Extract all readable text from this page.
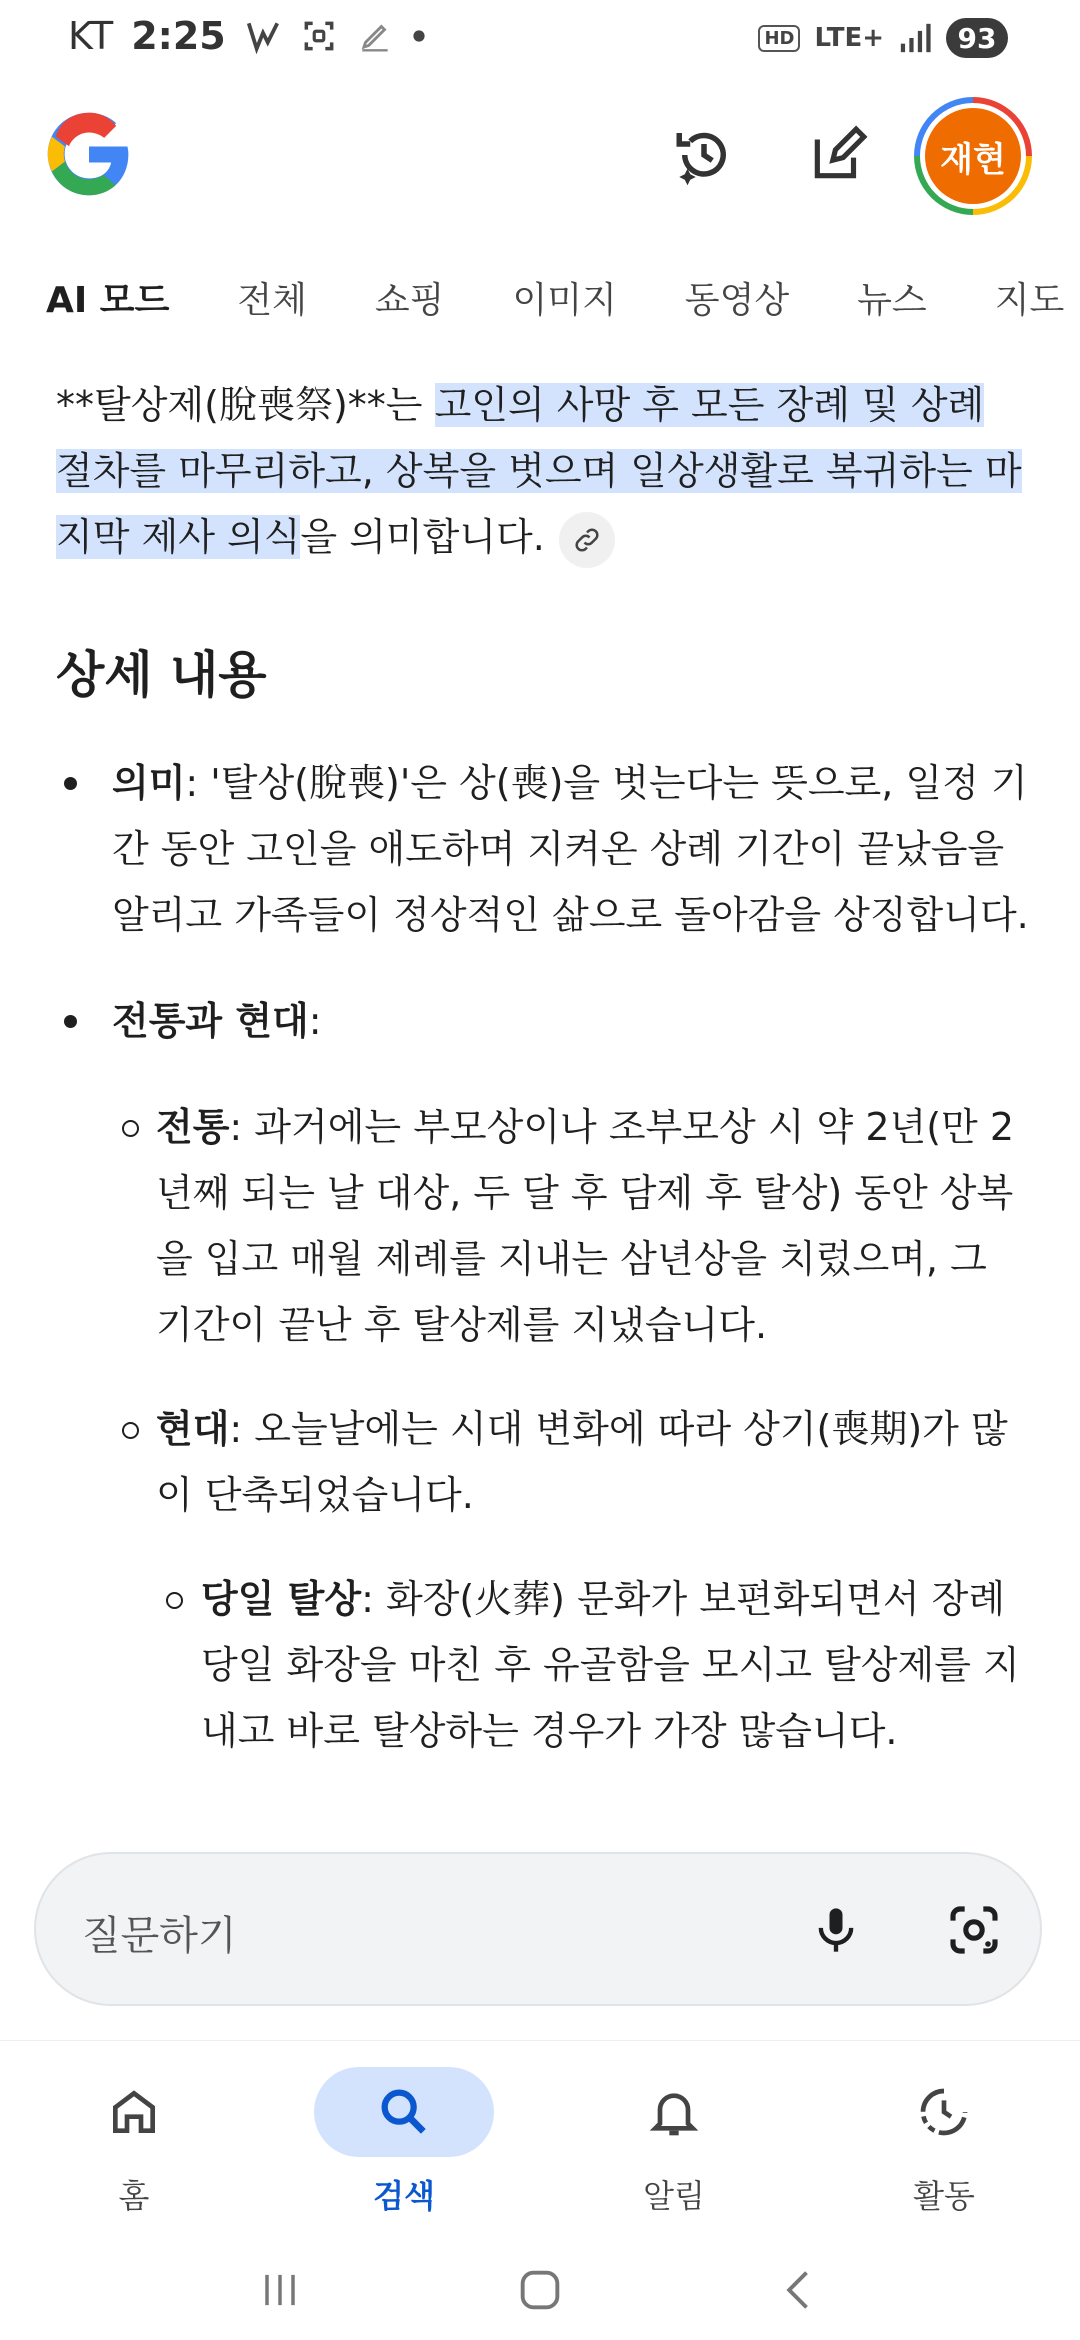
KT 2:25	HD LTE+	93
재현
AI 모드 전체 쇼핑 이미지 동영상 뉴스 지도

**탈상제(脫喪祭)**는 고인의 사망 후 모든 장례 및 상례 절차를 마무리하고, 상복을 벗으며 일상생활로 복귀하는 마지막 제사 의식을 의미합니다.

상세 내용
의미: '탈상(脫喪)'은 상(喪)을 벗는다는 뜻으로, 일정 기간 동안 고인을 애도하며 지켜온 상례 기간이 끝났음을 알리고 가족들이 정상적인 삶으로 돌아감을 상징합니다.
전통과 현대:
전통: 과거에는 부모상이나 조부모상 시 약 2년(만 2년째 되는 날 대상, 두 달 후 담제 후 탈상) 동안 상복을 입고 매월 제례를 지내는 삼년상을 치렀으며, 그 기간이 끝난 후 탈상제를 지냈습니다.
현대: 오늘날에는 시대 변화에 따라 상기(喪期)가 많이 단축되었습니다.
당일 탈상: 화장(火葬) 문화가 보편화되면서 장례 당일 화장을 마친 후 유골함을 모시고 탈상제를 지내고 바로 탈상하는 경우가 가장 많습니다.
질문하기
홈	검색	알림	활동
